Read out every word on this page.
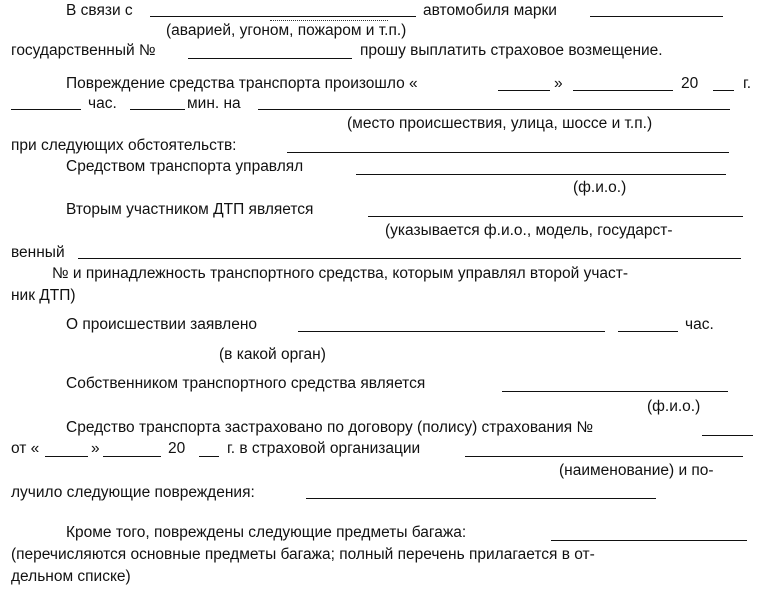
В связи с	автомобиля марки
(аварией, угоном, пожаром и т.п.)
государственный №	прошу выплатить страховое возмещение.
Повреждение средства транспорта произошло «	»	20	г.
час.	мин. на
(место происшествия, улица, шоссе и т.п.)
при следующих обстоятельств:
Средством транспорта управлял
(ф.и.о.)
Вторым участником ДТП является
(указывается ф.и.о., модель, государст-
венный
№ и принадлежность транспортного средства, которым управлял второй участ-
ник ДТП)
О происшествии заявлено	час.
(в какой орган)
Собственником транспортного средства является
(ф.и.о.)
Средство транспорта застраховано по договору (полису) страхования №
от «	»	20	г. в страховой организации
(наименование) и по-
лучило следующие повреждения:
Кроме того, повреждены следующие предметы багажа:
(перечисляются основные предметы багажа; полный перечень прилагается в от-
дельном списке)
